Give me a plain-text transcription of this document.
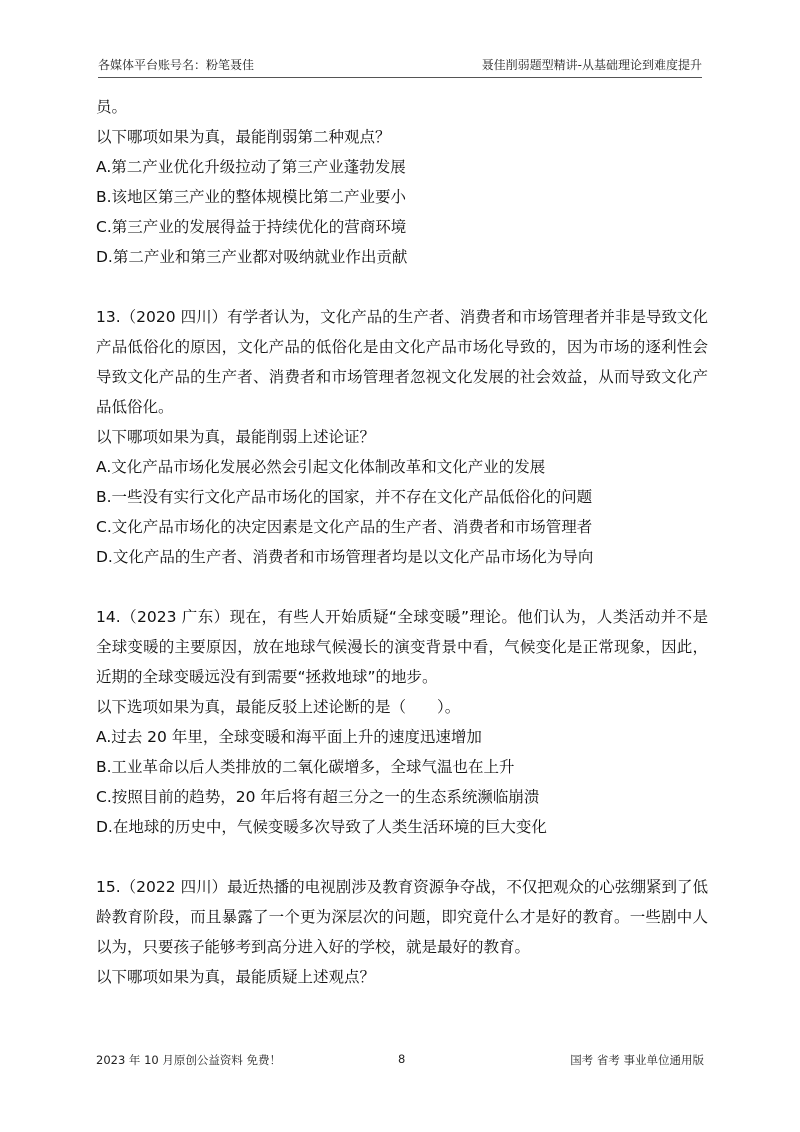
各媒体平台账号名：粉笔聂佳	聂佳削弱题型精讲-从基础理论到难度提升
员。
以下哪项如果为真，最能削弱第二种观点？
A.第二产业优化升级拉动了第三产业蓬勃发展
B.该地区第三产业的整体规模比第二产业要小
C.第三产业的发展得益于持续优化的营商环境
D.第二产业和第三产业都对吸纳就业作出贡献
13.（2020 四川）有学者认为，文化产品的生产者、消费者和市场管理者并非是导致文化产品低俗化的原因，文化产品的低俗化是由文化产品市场化导致的，因为市场的逐利性会导致文化产品的生产者、消费者和市场管理者忽视文化发展的社会效益，从而导致文化产品低俗化。
以下哪项如果为真，最能削弱上述论证？
A.文化产品市场化发展必然会引起文化体制改革和文化产业的发展
B.一些没有实行文化产品市场化的国家，并不存在文化产品低俗化的问题
C.文化产品市场化的决定因素是文化产品的生产者、消费者和市场管理者
D.文化产品的生产者、消费者和市场管理者均是以文化产品市场化为导向
14.（2023 广东）现在，有些人开始质疑“全球变暖”理论。他们认为，人类活动并不是全球变暖的主要原因，放在地球气候漫长的演变背景中看，气候变化是正常现象，因此，近期的全球变暖远没有到需要“拯救地球”的地步。
以下选项如果为真，最能反驳上述论断的是（　　）。
A.过去 20 年里，全球变暖和海平面上升的速度迅速增加
B.工业革命以后人类排放的二氧化碳增多，全球气温也在上升
C.按照目前的趋势，20 年后将有超三分之一的生态系统濒临崩溃
D.在地球的历史中，气候变暖多次导致了人类生活环境的巨大变化
15.（2022 四川）最近热播的电视剧涉及教育资源争夺战，不仅把观众的心弦绷紧到了低龄教育阶段，而且暴露了一个更为深层次的问题，即究竟什么才是好的教育。一些剧中人以为，只要孩子能够考到高分进入好的学校，就是最好的教育。
以下哪项如果为真，最能质疑上述观点？
2023 年 10 月原创公益资料 免费！	8	国考 省考 事业单位通用版
